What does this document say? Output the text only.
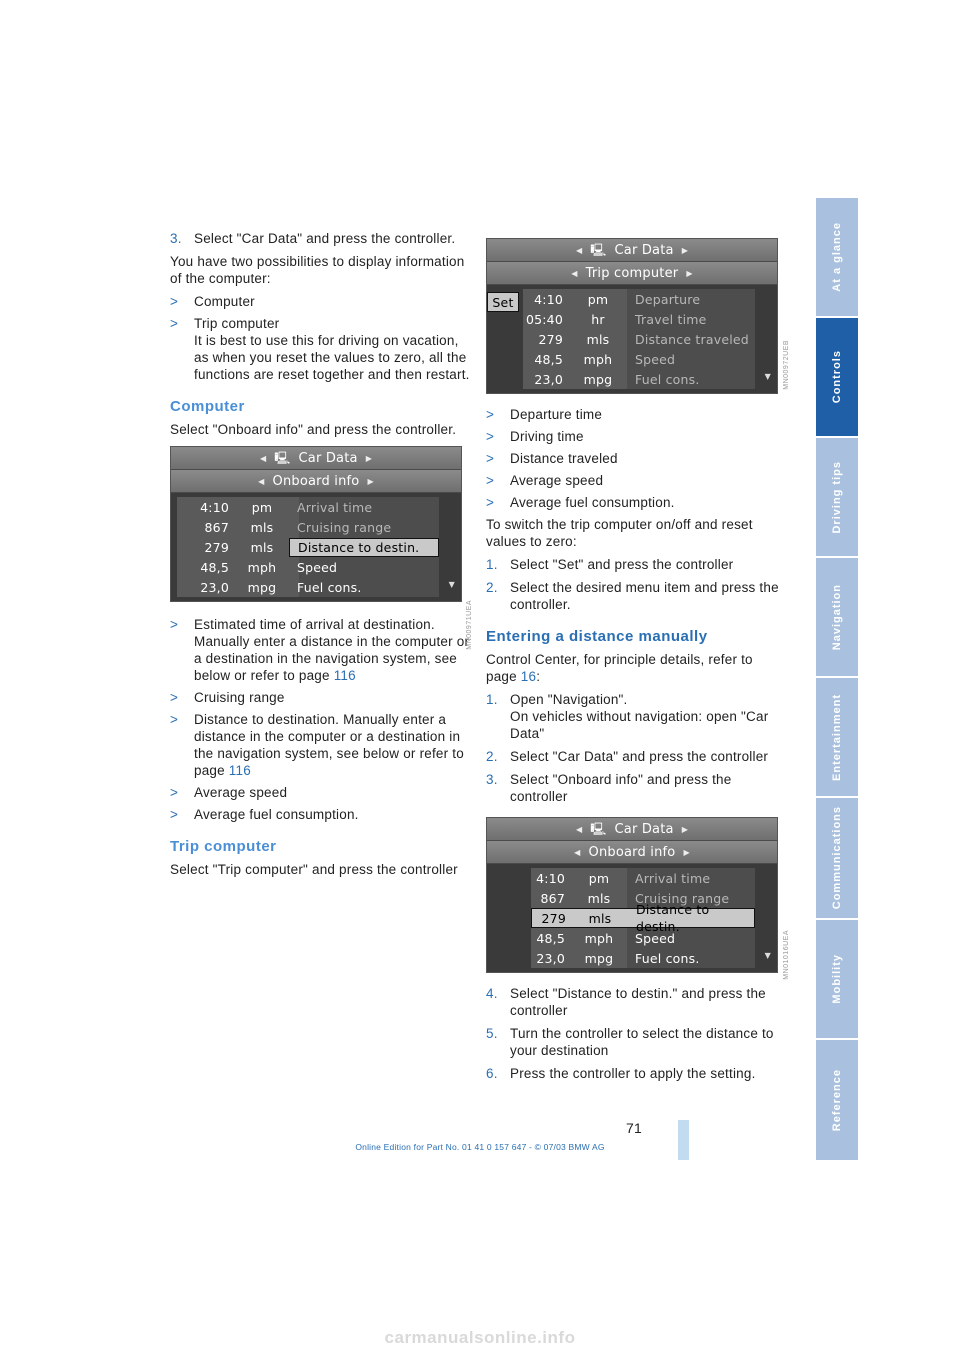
3. Select "Car Data" and press the controller.

You have two possibilities to display information of the computer:

> Computer
> Trip computer
It is best to use this for driving on vacation, as when you reset the values to zero, all the functions are reset together and then restart.
Computer

Select "Onboard info" and press the controller.

◀ 🖳 Car Data ▶
◀ Onboard info ▶
4:10	pm	Arrival time
867	mls	Cruising range
279	mls	Distance to destin.
48,5	mph	Speed
23,0	mpg	Fuel cons.	▼
> Estimated time of arrival at destination. Manually enter a distance in the computer or a destination in the navigation system, see below or refer to page 116
> Cruising range
> Distance to destination. Manually enter a distance in the computer or a destination in the navigation system, see below or refer to page 116
> Average speed
> Average fuel consumption.
Trip computer

Select "Trip computer" and press the controller

MN00971UEA
◀ 🖳 Car Data ▶
◀ Trip computer ▶
Set	4:10	pm	Departure
05:40	hr	Travel time
279	mls	Distance traveled
48,5	mph	Speed
23,0	mpg	Fuel cons.	▼
> Departure time
> Driving time
> Distance traveled
> Average speed
> Average fuel consumption.

To switch the trip computer on/off and reset values to zero:

1. Select "Set" and press the controller
2. Select the desired menu item and press the controller.
Entering a distance manually

Control Center, for principle details, refer to page 16:

1. Open "Navigation".
On vehicles without navigation: open "Car Data"
2. Select "Car Data" and press the controller
3. Select "Onboard info" and press the controller
◀ 🖳 Car Data ▶
◀ Onboard info ▶
4:10	pm	Arrival time
867	mls	Cruising range
279	mls
Distance to destin.
48,5	mph	Speed
23,0	mpg	Fuel cons.	▼
4. Select "Distance to destin." and press the controller
5. Turn the controller to select the distance to your destination
6. Press the controller to apply the setting.
MN00972UEB
MN01016UEA
At a glance
Controls
Driving tips
Navigation
Entertainment
Communications
Mobility
Reference
71
Online Edition for Part No. 01 41 0 157 647 - © 07/03 BMW AG
carmanualsonline.info
